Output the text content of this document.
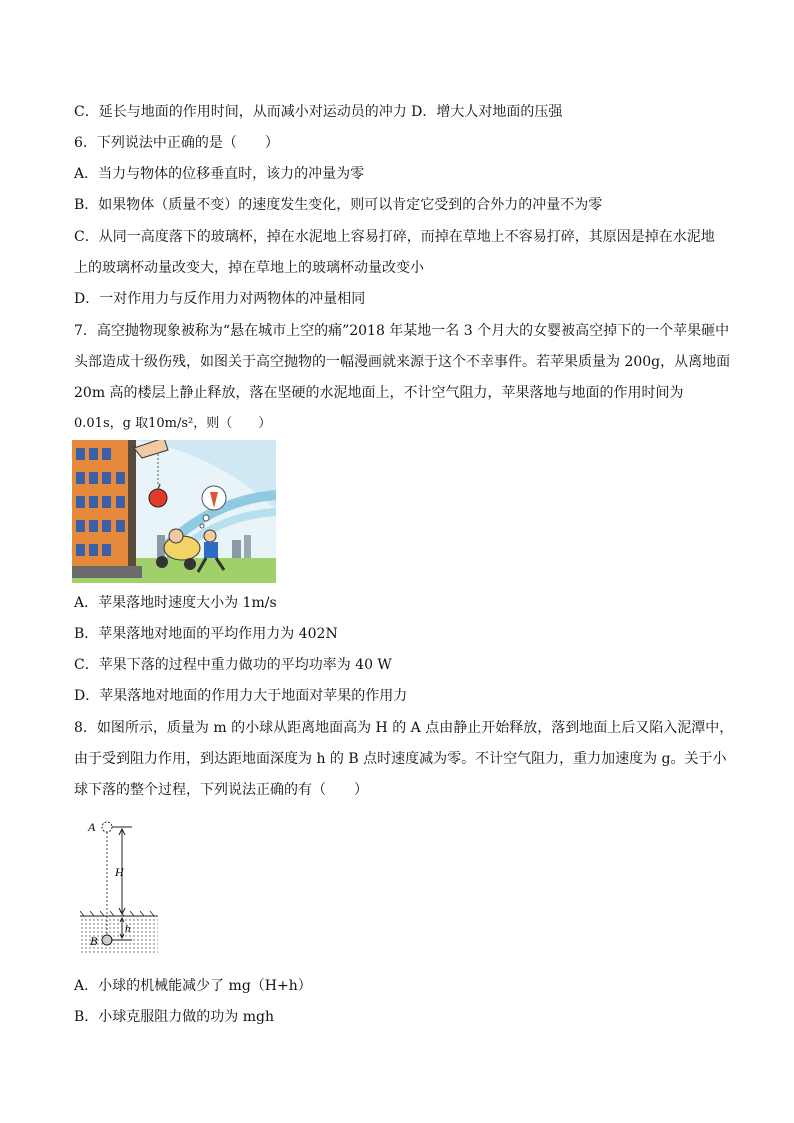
C．延长与地面的作用时间，从而减小对运动员的冲力 D．增大人对地面的压强
6．下列说法中正确的是（　　）
A．当力与物体的位移垂直时，该力的冲量为零
B．如果物体（质量不变）的速度发生变化，则可以肯定它受到的合外力的冲量不为零
C．从同一高度落下的玻璃杯，掉在水泥地上容易打碎，而掉在草地上不容易打碎，其原因是掉在水泥地
上的玻璃杯动量改变大，掉在草地上的玻璃杯动量改变小
D．一对作用力与反作用力对两物体的冲量相同
7．高空抛物现象被称为“悬在城市上空的痛”2018 年某地一名 3 个月大的女婴被高空掉下的一个苹果砸中
头部造成十级伤残，如图关于高空抛物的一幅漫画就来源于这个不幸事件。若苹果质量为 200g，从离地面
20m 高的楼层上静止释放，落在坚硬的水泥地面上，不计空气阻力，苹果落地与地面的作用时间为
0.01s，g 取10m/s²，则（　　）
A．苹果落地时速度大小为 1m/s
B．苹果落地对地面的平均作用力为 402N
C．苹果下落的过程中重力做功的平均功率为 40 W
D．苹果落地对地面的作用力大于地面对苹果的作用力
8．如图所示，质量为 m 的小球从距离地面高为 H 的 A 点由静止开始释放，落到地面上后又陷入泥潭中，
由于受到阻力作用，到达距地面深度为 h 的 B 点时速度减为零。不计空气阻力，重力加速度为 g。关于小
球下落的整个过程，下列说法正确的有（　　）
A
H
h
B
A．小球的机械能减少了 mg（H+h）
B．小球克服阻力做的功为 mgh
